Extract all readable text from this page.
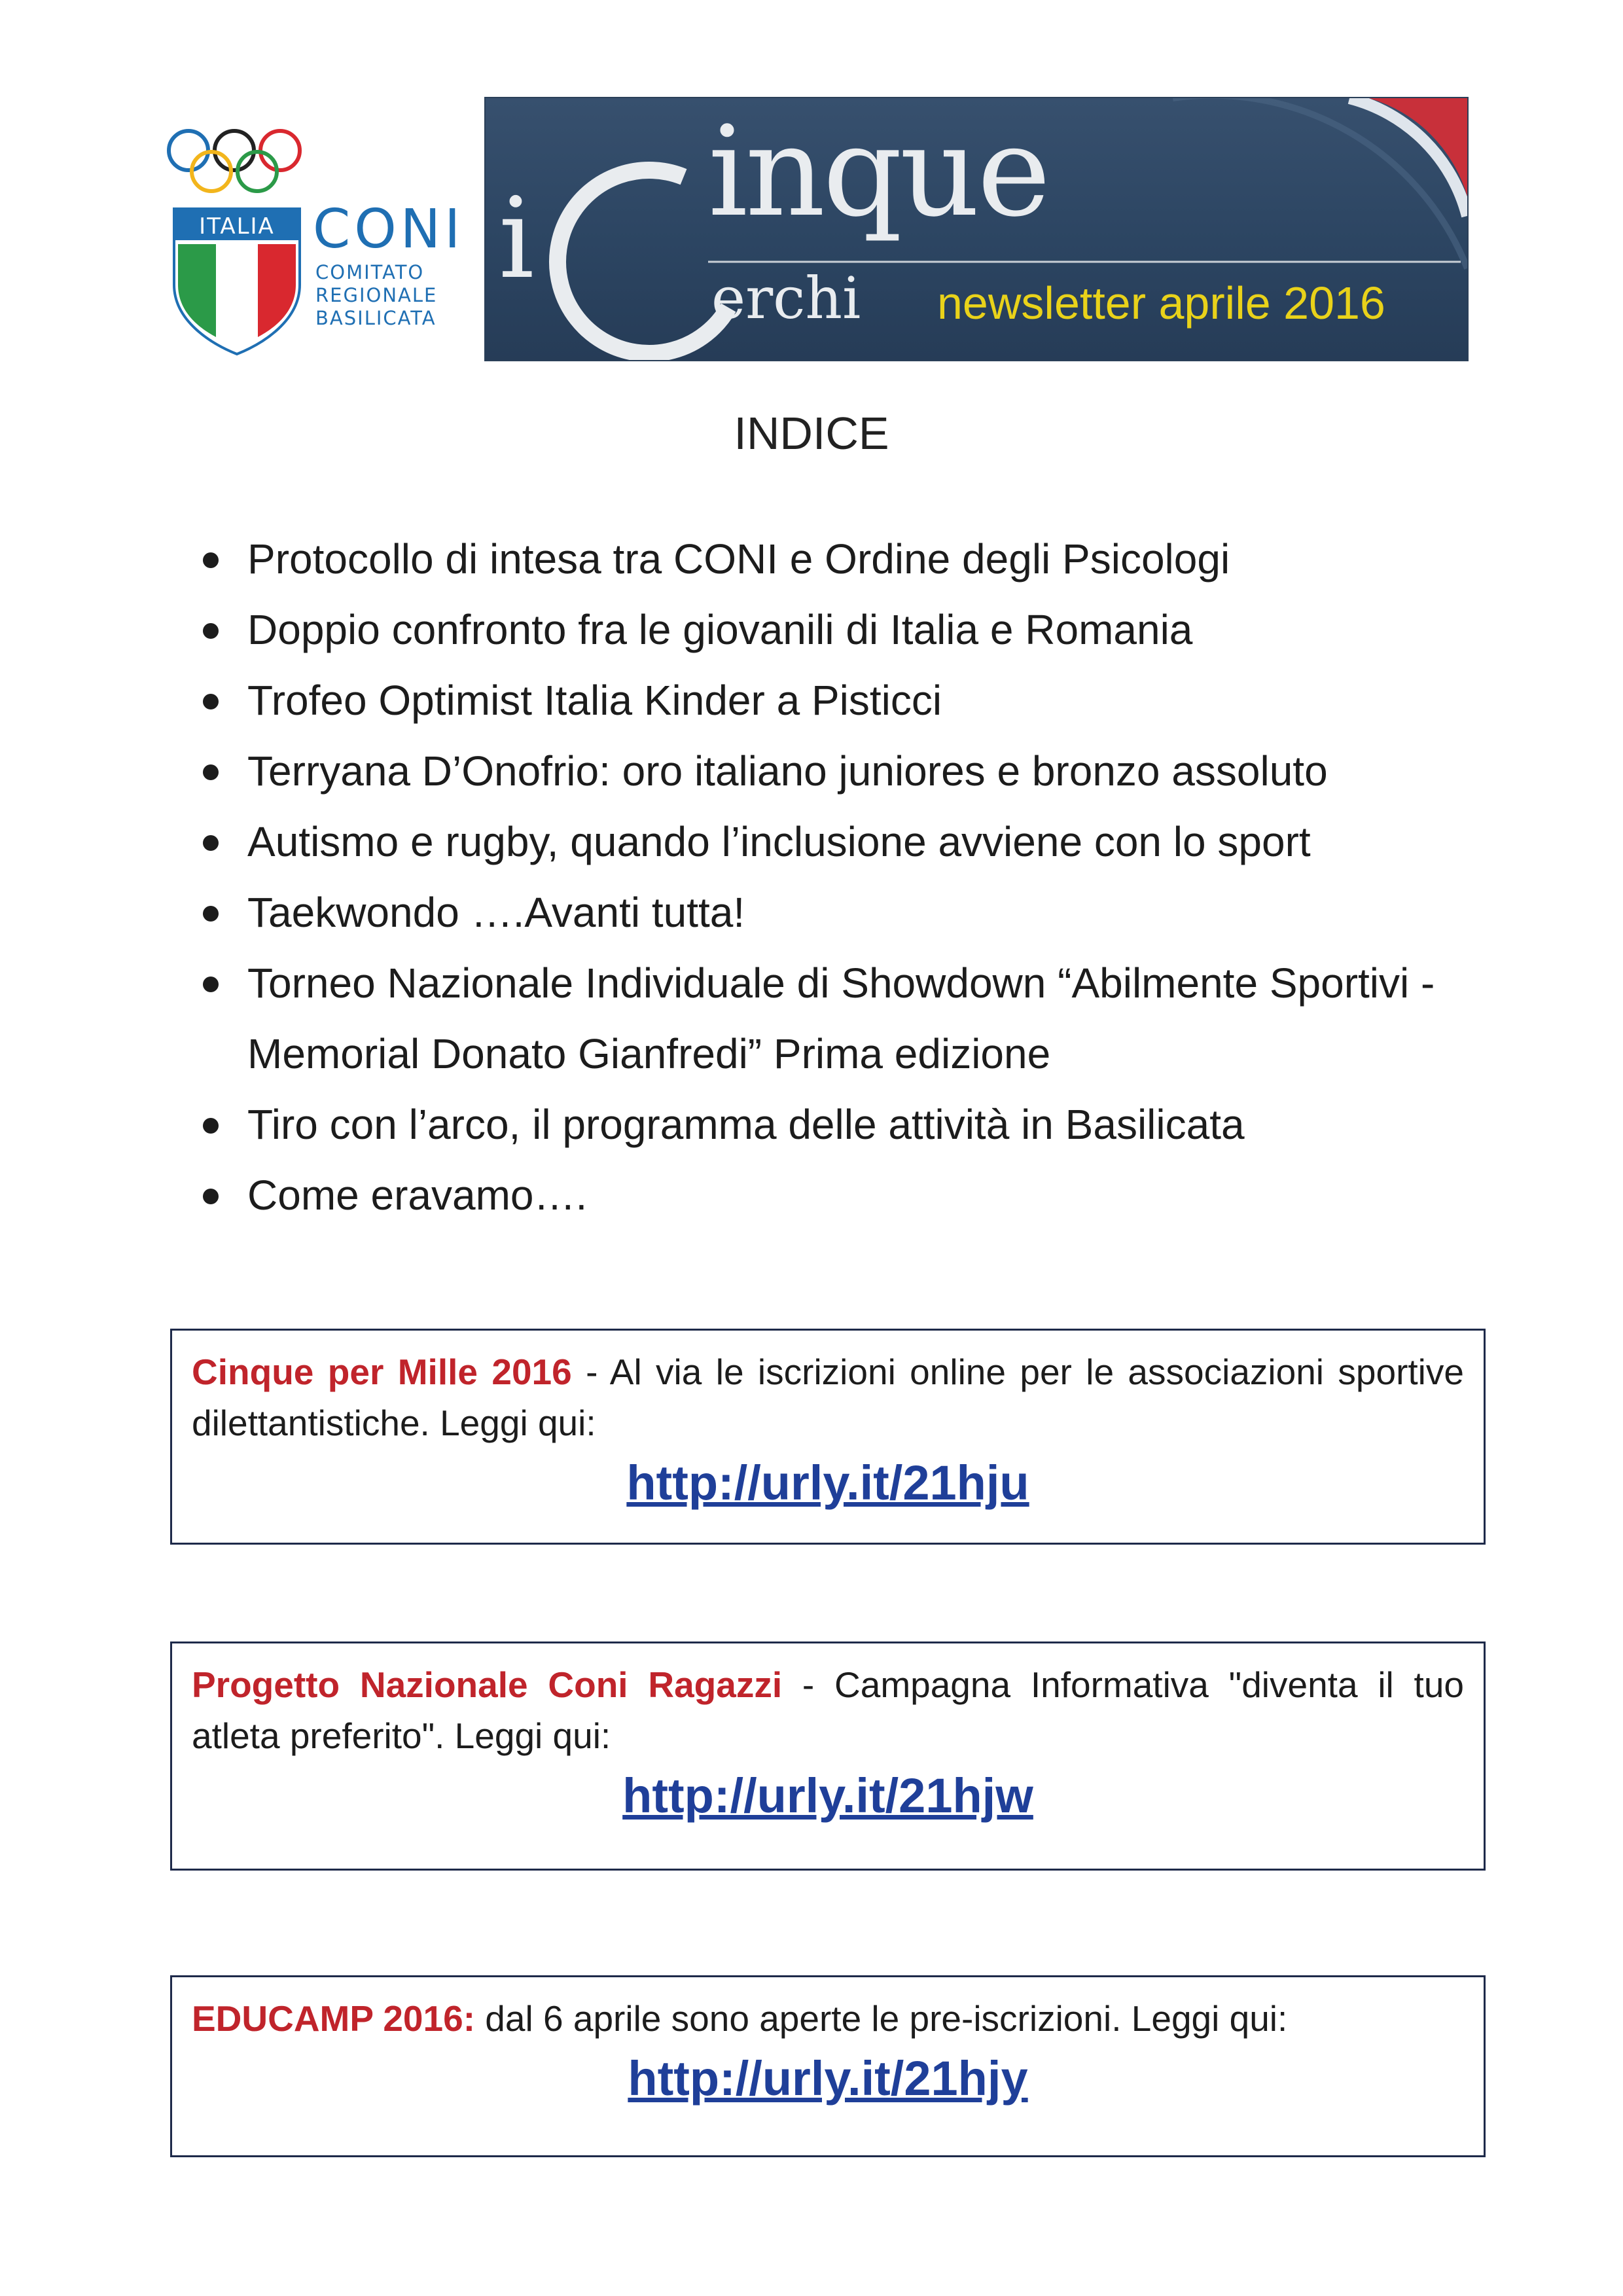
ITALIA CONI
COMITATO
REGIONALE
BASILICATA
i inque
erchi newsletter aprile 2016
INDICE
Protocollo di intesa tra CONI e Ordine degli Psicologi
Doppio confronto fra le giovanili di Italia e Romania
Trofeo Optimist Italia Kinder a Pisticci
Terryana D’Onofrio: oro italiano juniores e bronzo assoluto
Autismo e rugby, quando l’inclusione avviene con lo sport
Taekwondo ….Avanti tutta!
Torneo Nazionale Individuale di Showdown “Abilmente Sportivi - Memorial Donato Gianfredi” Prima edizione
Tiro con l’arco, il programma delle attività in Basilicata
Come eravamo….

Cinque per Mille 2016 - Al via le iscrizioni online per le associazioni sportive dilettantistiche. Leggi qui:

http://urly.it/21hju

Progetto Nazionale Coni Ragazzi - Campagna Informativa "diventa il tuo atleta preferito". Leggi qui:

http://urly.it/21hjw

EDUCAMP 2016: dal 6 aprile sono aperte le pre-iscrizioni. Leggi qui:

http://urly.it/21hjy
